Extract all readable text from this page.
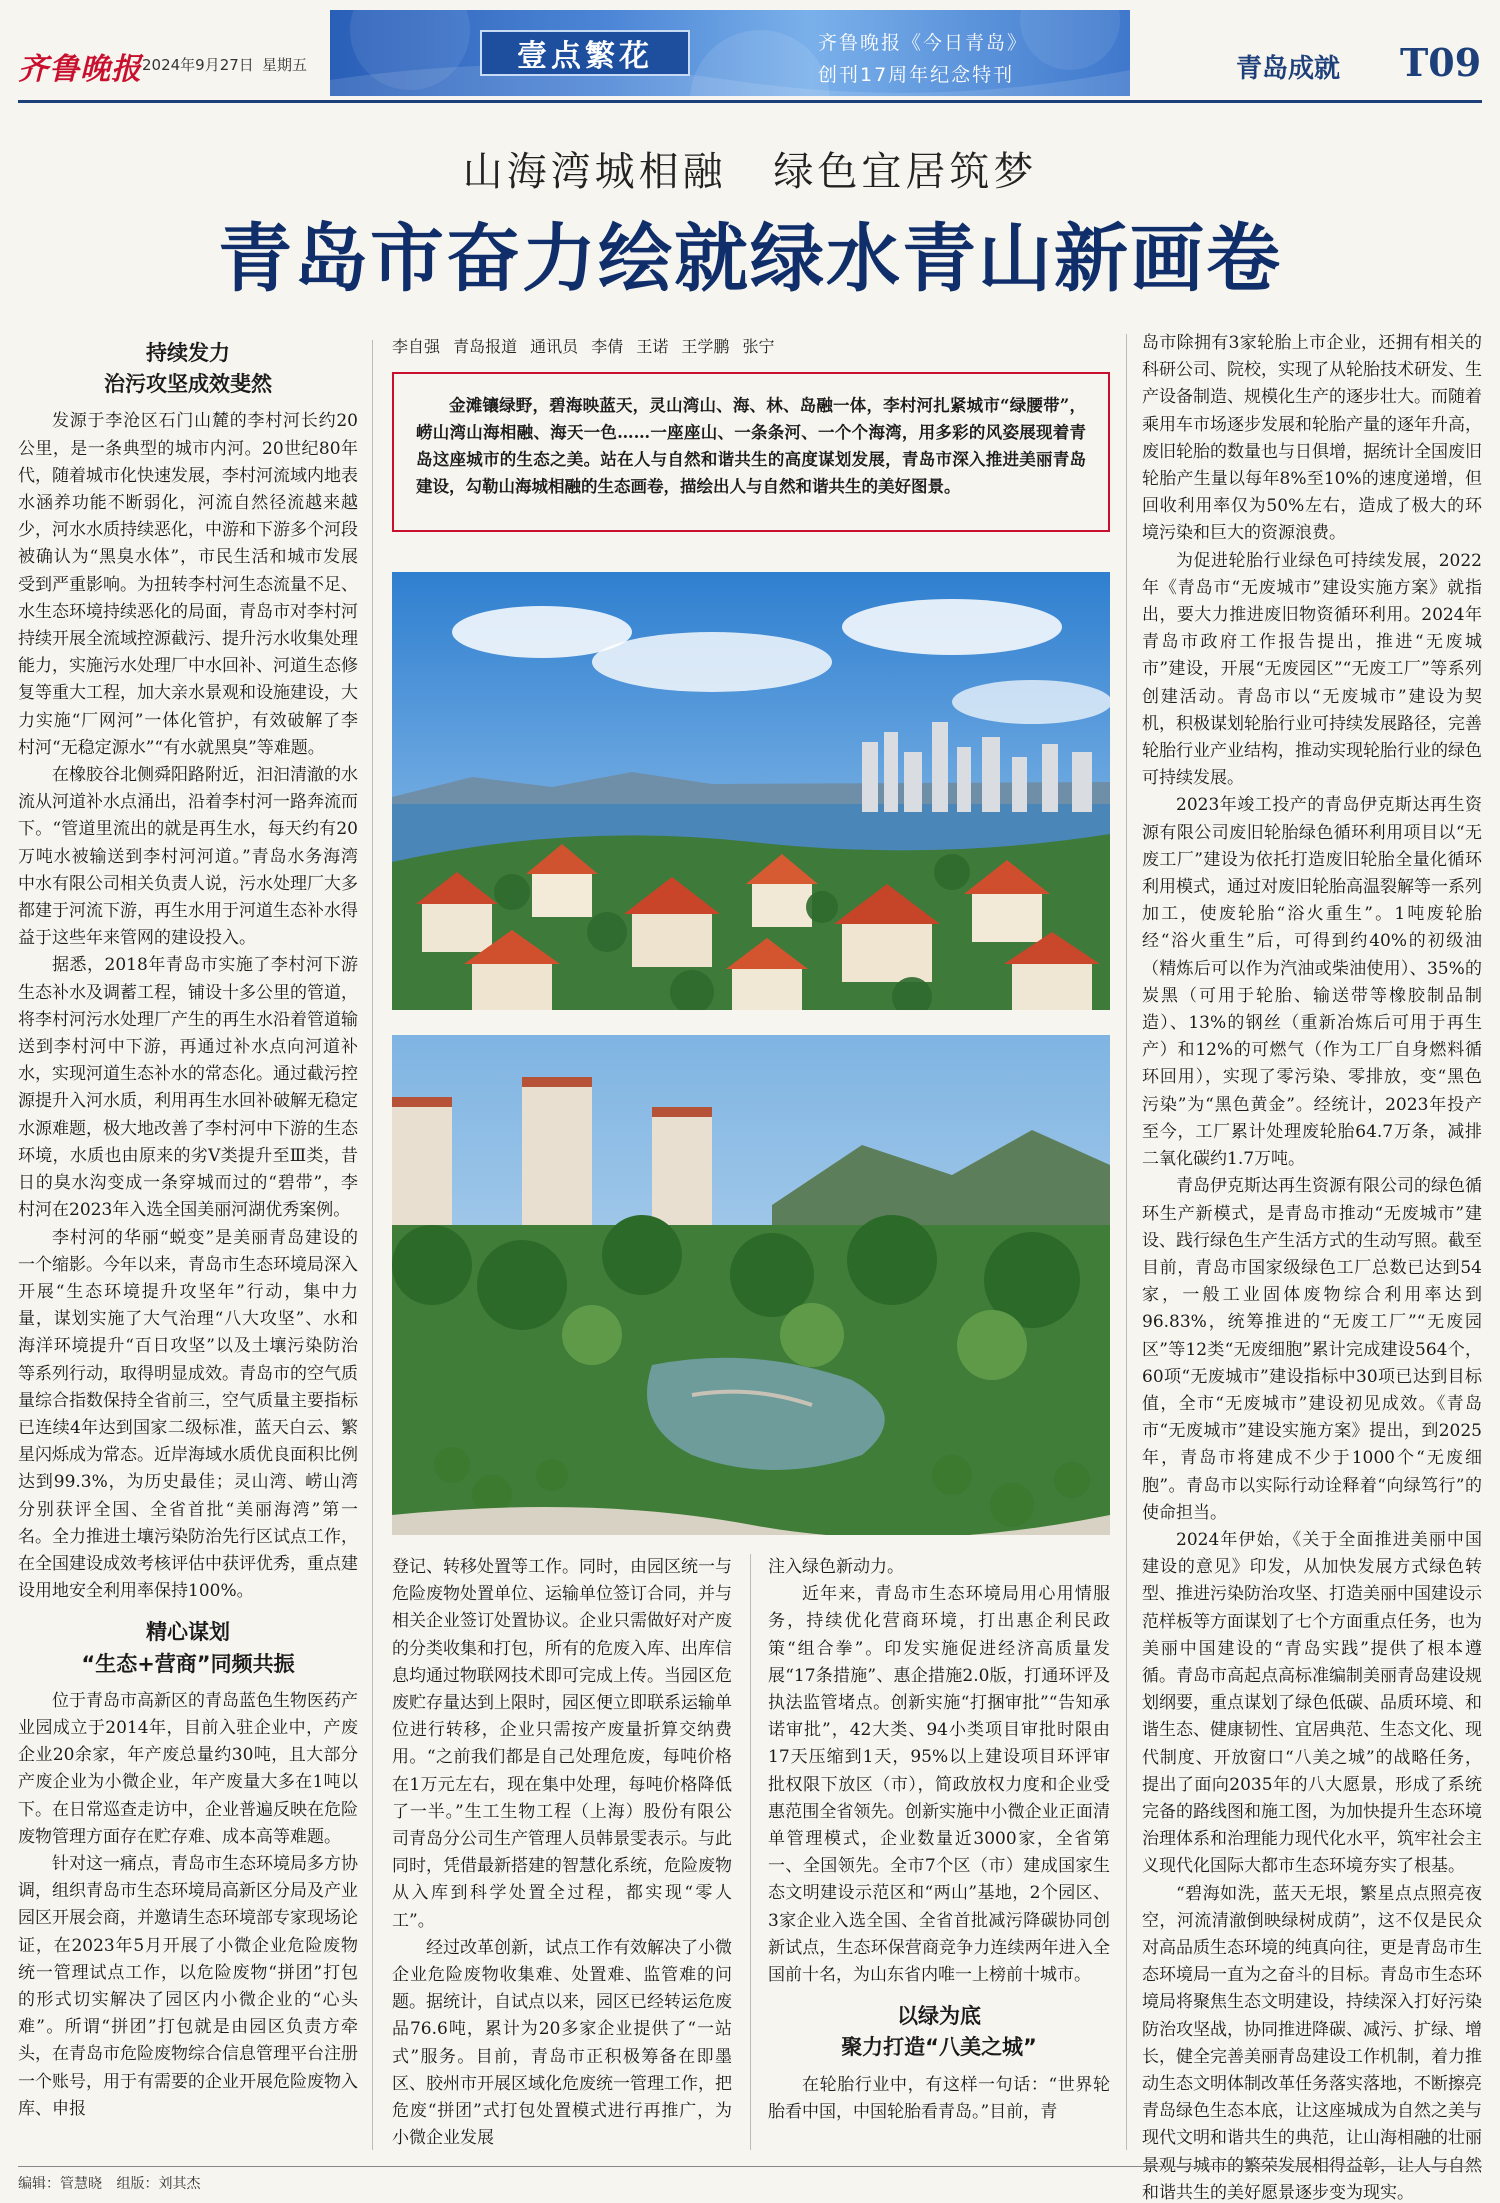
齐鲁晚报 2024年9月27日 星期五	壹点繁花	齐鲁晚报《今日青岛》
创刊17周年纪念特刊	青岛成就 T09
山海湾城相融 绿色宜居筑梦
青岛市奋力绘就绿水青山新画卷
持续发力
治污攻坚成效斐然

发源于李沧区石门山麓的李村河长约20公里，是一条典型的城市内河。20世纪80年代，随着城市化快速发展，李村河流域内地表水涵养功能不断弱化，河流自然径流越来越少，河水水质持续恶化，中游和下游多个河段被确认为“黑臭水体”，市民生活和城市发展受到严重影响。为扭转李村河生态流量不足、水生态环境持续恶化的局面，青岛市对李村河持续开展全流域控源截污、提升污水收集处理能力，实施污水处理厂中水回补、河道生态修复等重大工程，加大亲水景观和设施建设，大力实施“厂网河”一体化管护，有效破解了李村河“无稳定源水”“有水就黑臭”等难题。

在橡胶谷北侧舜阳路附近，汩汩清澈的水流从河道补水点涌出，沿着李村河一路奔流而下。“管道里流出的就是再生水，每天约有20万吨水被输送到李村河河道。”青岛水务海湾中水有限公司相关负责人说，污水处理厂大多都建于河流下游，再生水用于河道生态补水得益于这些年来管网的建设投入。

据悉，2018年青岛市实施了李村河下游生态补水及调蓄工程，铺设十多公里的管道，将李村河污水处理厂产生的再生水沿着管道输送到李村河中下游，再通过补水点向河道补水，实现河道生态补水的常态化。通过截污控源提升入河水质，利用再生水回补破解无稳定水源难题，极大地改善了李村河中下游的生态环境，水质也由原来的劣Ⅴ类提升至Ⅲ类，昔日的臭水沟变成一条穿城而过的“碧带”，李村河在2023年入选全国美丽河湖优秀案例。

李村河的华丽“蜕变”是美丽青岛建设的一个缩影。今年以来，青岛市生态环境局深入开展“生态环境提升攻坚年”行动，集中力量，谋划实施了大气治理“八大攻坚”、水和海洋环境提升“百日攻坚”以及土壤污染防治等系列行动，取得明显成效。青岛市的空气质量综合指数保持全省前三，空气质量主要指标已连续4年达到国家二级标准，蓝天白云、繁星闪烁成为常态。近岸海域水质优良面积比例达到99.3%，为历史最佳；灵山湾、崂山湾分别获评全国、全省首批“美丽海湾”第一名。全力推进土壤污染防治先行区试点工作，在全国建设成效考核评估中获评优秀，重点建设用地安全利用率保持100%。

精心谋划
“生态+营商”同频共振

位于青岛市高新区的青岛蓝色生物医药产业园成立于2014年，目前入驻企业中，产废企业20余家，年产废总量约30吨，且大部分产废企业为小微企业，年产废量大多在1吨以下。在日常巡查走访中，企业普遍反映在危险废物管理方面存在贮存难、成本高等难题。

针对这一痛点，青岛市生态环境局多方协调，组织青岛市生态环境局高新区分局及产业园区开展会商，并邀请生态环境部专家现场论证，在2023年5月开展了小微企业危险废物统一管理试点工作，以危险废物“拼团”打包的形式切实解决了园区内小微企业的“心头难”。所谓“拼团”打包就是由园区负责方牵头，在青岛市危险废物综合信息管理平台注册一个账号，用于有需要的企业开展危险废物入库、申报

李自强 青岛报道 通讯员 李倩 王诺 王学鹏 张宁
金滩镶绿野，碧海映蓝天，灵山湾山、海、林、岛融一体，李村河扎紧城市“绿腰带”，崂山湾山海相融、海天一色……一座座山、一条条河、一个个海湾，用多彩的风姿展现着青岛这座城市的生态之美。站在人与自然和谐共生的高度谋划发展，青岛市深入推进美丽青岛建设，勾勒山海城相融的生态画卷，描绘出人与自然和谐共生的美好图景。

登记、转移处置等工作。同时，由园区统一与危险废物处置单位、运输单位签订合同，并与相关企业签订处置协议。企业只需做好对产废的分类收集和打包，所有的危废入库、出库信息均通过物联网技术即可完成上传。当园区危废贮存量达到上限时，园区便立即联系运输单位进行转移，企业只需按产废量折算交纳费用。“之前我们都是自己处理危废，每吨价格在1万元左右，现在集中处理，每吨价格降低了一半。”生工生物工程（上海）股份有限公司青岛分公司生产管理人员韩景雯表示。与此同时，凭借最新搭建的智慧化系统，危险废物从入库到科学处置全过程，都实现“零人工”。

经过改革创新，试点工作有效解决了小微企业危险废物收集难、处置难、监管难的问题。据统计，自试点以来，园区已经转运危废品76.6吨，累计为20多家企业提供了“一站式”服务。目前，青岛市正积极筹备在即墨区、胶州市开展区域化危废统一管理工作，把危废“拼团”式打包处置模式进行再推广，为小微企业发展

注入绿色新动力。

近年来，青岛市生态环境局用心用情服务，持续优化营商环境，打出惠企利民政策“组合拳”。印发实施促进经济高质量发展“17条措施”、惠企措施2.0版，打通环评及执法监管堵点。创新实施“打捆审批”“告知承诺审批”，42大类、94小类项目审批时限由17天压缩到1天，95%以上建设项目环评审批权限下放区（市），简政放权力度和企业受惠范围全省领先。创新实施中小微企业正面清单管理模式，企业数量近3000家，全省第一、全国领先。全市7个区（市）建成国家生态文明建设示范区和“两山”基地，2个园区、3家企业入选全国、全省首批减污降碳协同创新试点，生态环保营商竞争力连续两年进入全国前十名，为山东省内唯一上榜前十城市。

以绿为底
聚力打造“八美之城”

在轮胎行业中，有这样一句话：“世界轮胎看中国，中国轮胎看青岛。”目前，青

岛市除拥有3家轮胎上市企业，还拥有相关的科研公司、院校，实现了从轮胎技术研发、生产设备制造、规模化生产的逐步壮大。而随着乘用车市场逐步发展和轮胎产量的逐年升高，废旧轮胎的数量也与日俱增，据统计全国废旧轮胎产生量以每年8%至10%的速度递增，但回收利用率仅为50%左右，造成了极大的环境污染和巨大的资源浪费。

为促进轮胎行业绿色可持续发展，2022年《青岛市“无废城市”建设实施方案》就指出，要大力推进废旧物资循环利用。2024年青岛市政府工作报告提出，推进“无废城市”建设，开展“无废园区”“无废工厂”等系列创建活动。青岛市以“无废城市”建设为契机，积极谋划轮胎行业可持续发展路径，完善轮胎行业产业结构，推动实现轮胎行业的绿色可持续发展。

2023年竣工投产的青岛伊克斯达再生资源有限公司废旧轮胎绿色循环利用项目以“无废工厂”建设为依托打造废旧轮胎全量化循环利用模式，通过对废旧轮胎高温裂解等一系列加工，使废轮胎“浴火重生”。1吨废轮胎经“浴火重生”后，可得到约40%的初级油（精炼后可以作为汽油或柴油使用）、35%的炭黑（可用于轮胎、输送带等橡胶制品制造）、13%的钢丝（重新冶炼后可用于再生产）和12%的可燃气（作为工厂自身燃料循环回用），实现了零污染、零排放，变“黑色污染”为“黑色黄金”。经统计，2023年投产至今，工厂累计处理废轮胎64.7万条，减排二氧化碳约1.7万吨。

青岛伊克斯达再生资源有限公司的绿色循环生产新模式，是青岛市推动“无废城市”建设、践行绿色生产生活方式的生动写照。截至目前，青岛市国家级绿色工厂总数已达到54家，一般工业固体废物综合利用率达到96.83%，统筹推进的“无废工厂”“无废园区”等12类“无废细胞”累计完成建设564个，60项“无废城市”建设指标中30项已达到目标值，全市“无废城市”建设初见成效。《青岛市“无废城市”建设实施方案》提出，到2025年，青岛市将建成不少于1000个“无废细胞”。青岛市以实际行动诠释着“向绿笃行”的使命担当。

2024年伊始，《关于全面推进美丽中国建设的意见》印发，从加快发展方式绿色转型、推进污染防治攻坚、打造美丽中国建设示范样板等方面谋划了七个方面重点任务，也为美丽中国建设的“青岛实践”提供了根本遵循。青岛市高起点高标准编制美丽青岛建设规划纲要，重点谋划了绿色低碳、品质环境、和谐生态、健康韧性、宜居典范、生态文化、现代制度、开放窗口“八美之城”的战略任务，提出了面向2035年的八大愿景，形成了系统完备的路线图和施工图，为加快提升生态环境治理体系和治理能力现代化水平，筑牢社会主义现代化国际大都市生态环境夯实了根基。

“碧海如洗，蓝天无垠，繁星点点照亮夜空，河流清澈倒映绿树成荫”，这不仅是民众对高品质生态环境的纯真向往，更是青岛市生态环境局一直为之奋斗的目标。青岛市生态环境局将聚焦生态文明建设，持续深入打好污染防治攻坚战，协同推进降碳、减污、扩绿、增长，健全完善美丽青岛建设工作机制，着力推动生态文明体制改革任务落实落地，不断擦亮青岛绿色生态本底，让这座城成为自然之美与现代文明和谐共生的典范，让山海相融的壮丽景观与城市的繁荣发展相得益彰，让人与自然和谐共生的美好愿景逐步变为现实。

编辑：管慧晓 组版：刘其杰
